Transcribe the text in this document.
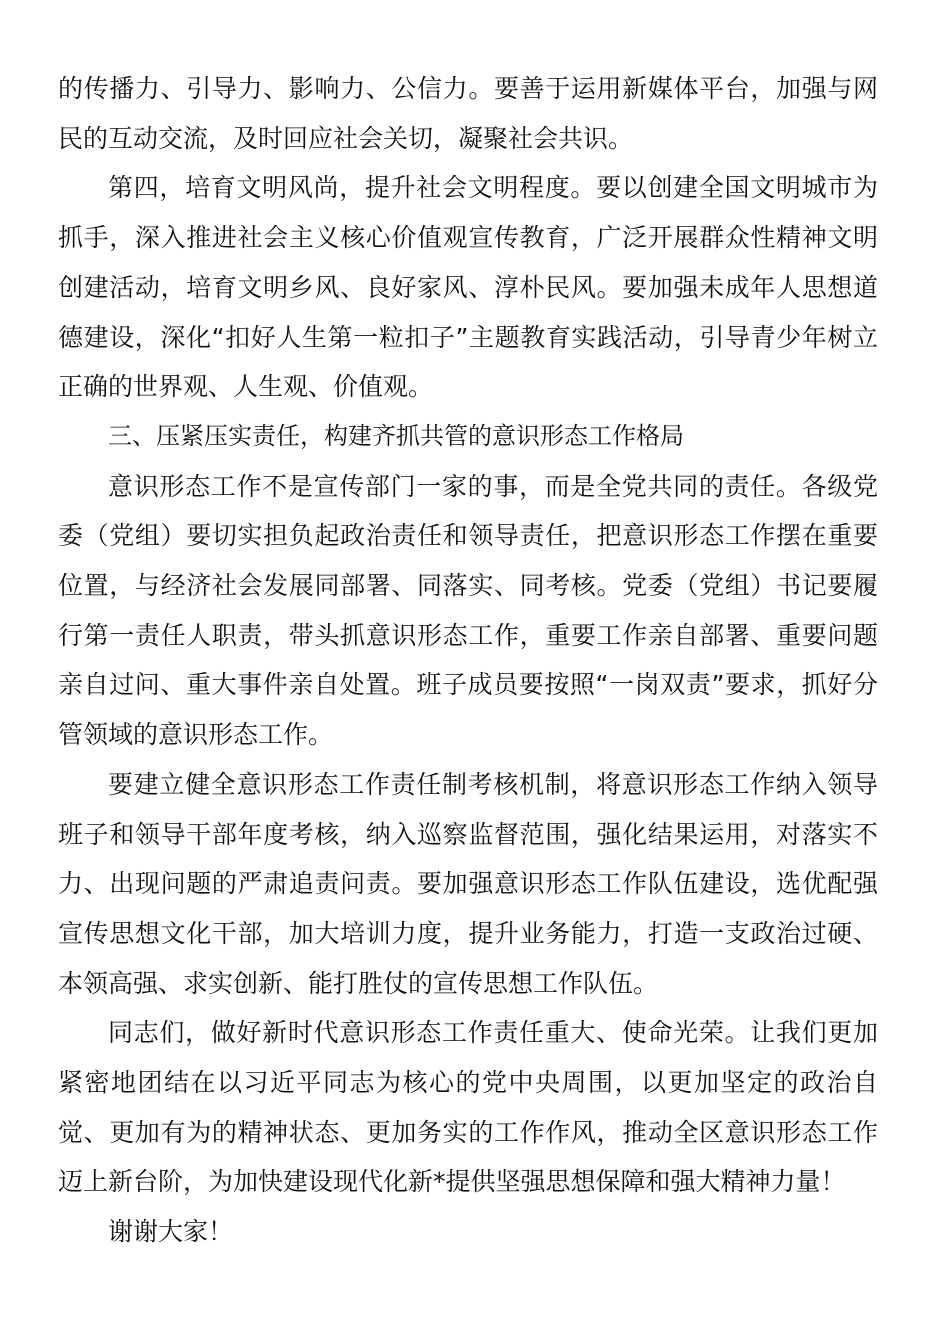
的传播力、引导力、影响力、公信力。要善于运用新媒体平台，加强与网民的互动交流，及时回应社会关切，凝聚社会共识。

第四，培育文明风尚，提升社会文明程度。要以创建全国文明城市为抓手，深入推进社会主义核心价值观宣传教育，广泛开展群众性精神文明创建活动，培育文明乡风、良好家风、淳朴民风。要加强未成年人思想道德建设，深化“扣好人生第一粒扣子”主题教育实践活动，引导青少年树立正确的世界观、人生观、价值观。

三、压紧压实责任，构建齐抓共管的意识形态工作格局

意识形态工作不是宣传部门一家的事，而是全党共同的责任。各级党委（党组）要切实担负起政治责任和领导责任，把意识形态工作摆在重要位置，与经济社会发展同部署、同落实、同考核。党委（党组）书记要履行第一责任人职责，带头抓意识形态工作，重要工作亲自部署、重要问题亲自过问、重大事件亲自处置。班子成员要按照“一岗双责”要求，抓好分管领域的意识形态工作。

要建立健全意识形态工作责任制考核机制，将意识形态工作纳入领导班子和领导干部年度考核，纳入巡察监督范围，强化结果运用，对落实不力、出现问题的严肃追责问责。要加强意识形态工作队伍建设，选优配强宣传思想文化干部，加大培训力度，提升业务能力，打造一支政治过硬、本领高强、求实创新、能打胜仗的宣传思想工作队伍。

同志们，做好新时代意识形态工作责任重大、使命光荣。让我们更加紧密地团结在以习近平同志为核心的党中央周围，以更加坚定的政治自觉、更加有为的精神状态、更加务实的工作作风，推动全区意识形态工作迈上新台阶，为加快建设现代化新*提供坚强思想保障和强大精神力量！

谢谢大家！
